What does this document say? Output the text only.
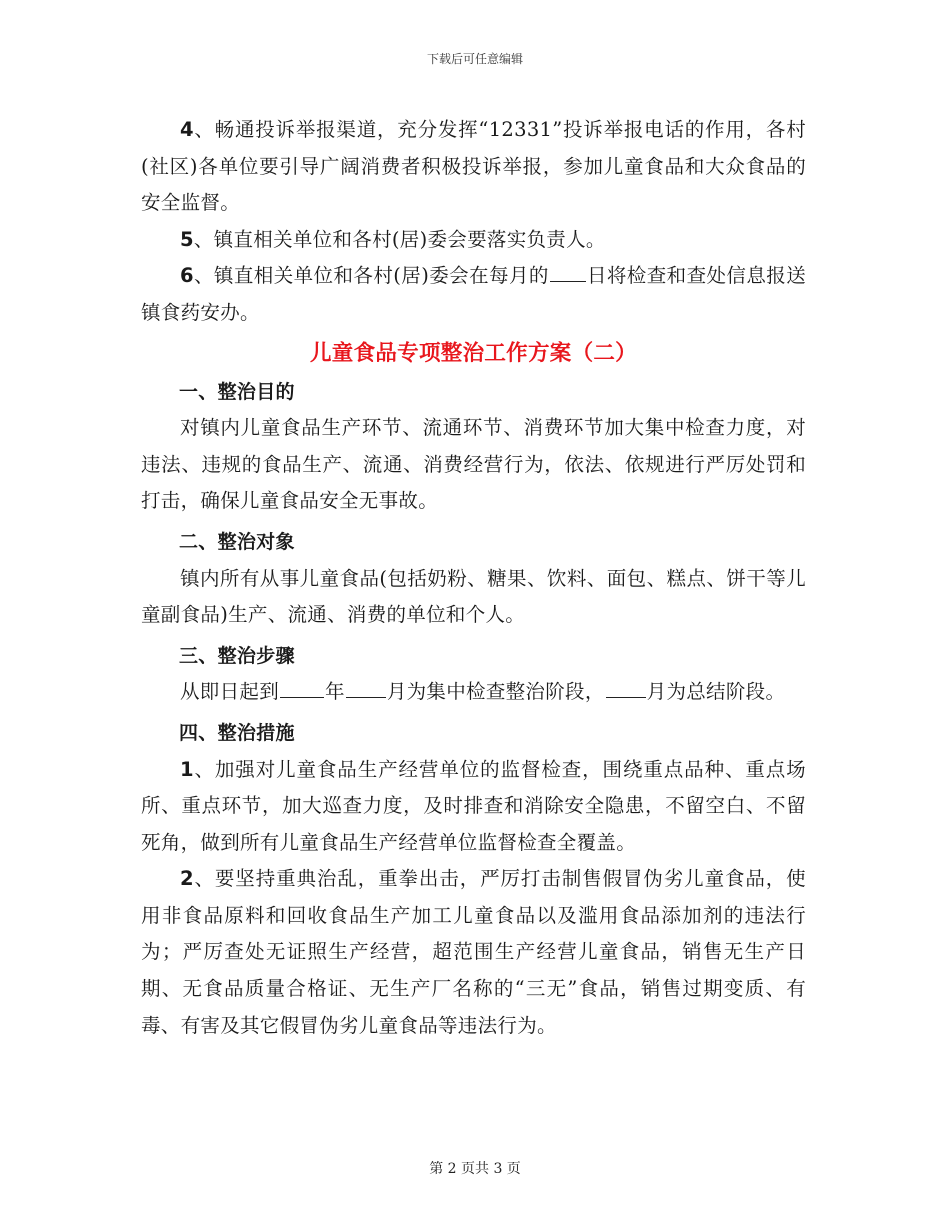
下载后可任意编辑

4、畅通投诉举报渠道，充分发挥“12331”投诉举报电话的作用，各村(社区)各单位要引导广阔消费者积极投诉举报，参加儿童食品和大众食品的安全监督。

5、镇直相关单位和各村(居)委会要落实负责人。

6、镇直相关单位和各村(居)委会在每月的 日将检查和查处信息报送镇食药安办。

儿童食品专项整治工作方案（二）

一、整治目的

对镇内儿童食品生产环节、流通环节、消费环节加大集中检查力度，对违法、违规的食品生产、流通、消费经营行为，依法、依规进行严厉处罚和打击，确保儿童食品安全无事故。

二、整治对象

镇内所有从事儿童食品(包括奶粉、糖果、饮料、面包、糕点、饼干等儿童副食品)生产、流通、消费的单位和个人。

三、整治步骤

从即日起到 年 月为集中检查整治阶段， 月为总结阶段。

四、整治措施

1、加强对儿童食品生产经营单位的监督检查，围绕重点品种、重点场所、重点环节，加大巡查力度，及时排查和消除安全隐患，不留空白、不留死角，做到所有儿童食品生产经营单位监督检查全覆盖。

2、要坚持重典治乱，重拳出击，严厉打击制售假冒伪劣儿童食品，使用非食品原料和回收食品生产加工儿童食品以及滥用食品添加剂的违法行为；严厉查处无证照生产经营，超范围生产经营儿童食品，销售无生产日期、无食品质量合格证、无生产厂名称的“三无”食品，销售过期变质、有毒、有害及其它假冒伪劣儿童食品等违法行为。

第 2 页共 3 页
